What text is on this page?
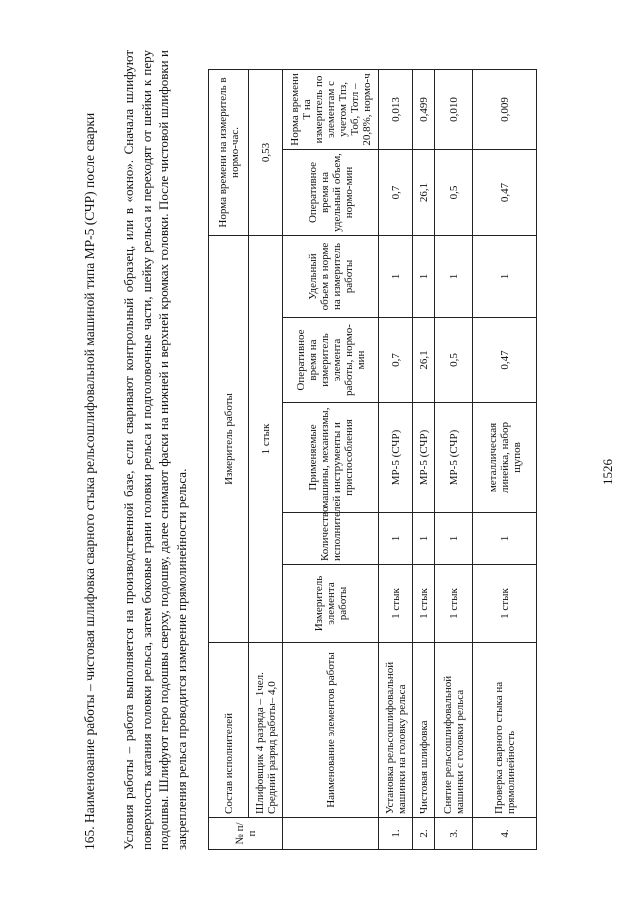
1526
165. Наименование работы – чистовая шлифовка сварного стыка рельсошлифовальной машиной типа МР-5 (СЧР) после сварки Условия работы– работа выполняется на производственной базе, если сваривают контрольный образец, или в «окно». Сначала шлифуют поверхность катания головки рельса, затем боковые грани головки рельса и подголовочные части, шейку рельса и переходят от шейки к перу подошвы. Шлифуют перо подошвы сверху, подошву, далее снимают фаски на нижней и верхней кромках головки. После чистовой шлифовки и закрепления рельса проводится измерение прямолинейности рельса.	№ п/п	Состав исполнителей	Измеритель работы					Норма времени на измеритель в нормо-час.	
	Шлифовщик 4 разряда – 1чел. Средний разряд работы– 4,0	1 стык					0,53	
	Наименование элементов работы	Измеритель элемента работы	Количество исполнителей	Применяемые машины, механизмы, инструменты и приспособления	Оперативное время на измеритель элемента работы, нормо-мин	Удельный объем в норме на измеритель работы	Оперативное время на удельный объем, нормо-мин	Норма времени Т на измеритель по элементам с учетом Тпз, Тоб, Тотл – 20,8%, нормо-ч
1.	Установка рельсошлифовальной машинки на головку рельса	1 стык	1	МР-5 (СЧР)	0,7	1	0,7	0,013
2.	Чистовая шлифовка	1 стык	1	МР-5 (СЧР)	26,1	1	26,1	0,499
3.	Снятие рельсошлифовальной машинки с головки рельса	1 стык	1	МР-5 (СЧР)	0,5	1	0,5	0,010
4.	Проверка сварного стыка на прямолинейность	1 стык	1	металлическая линейка, набор щупов	0,47	1	0,47	0,009
